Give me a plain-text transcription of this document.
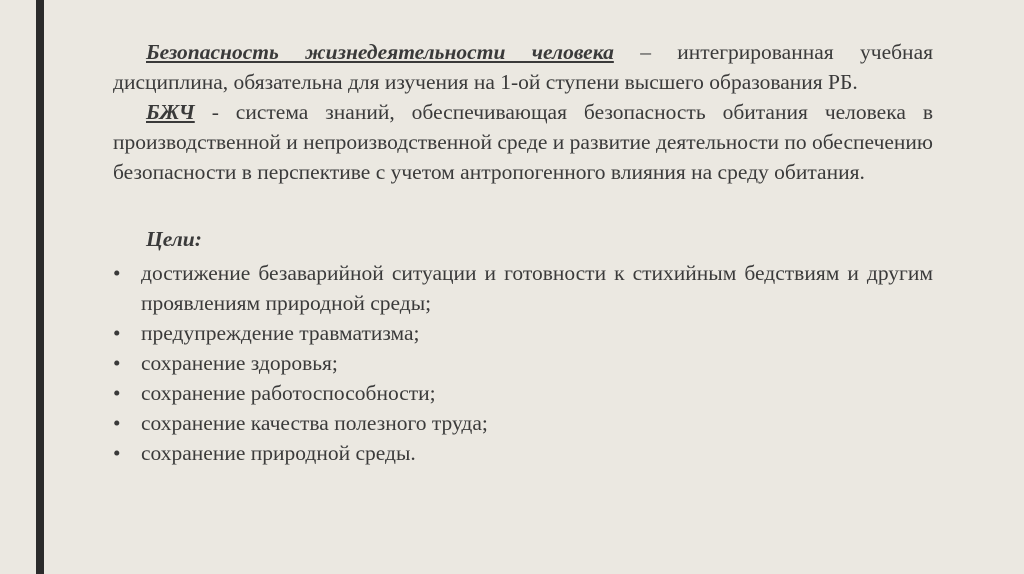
Безопасность жизнедеятельности человека – интегрированная учебная дисциплина, обязательна для изучения на 1-ой ступени высшего образования РБ.

БЖЧ - система знаний, обеспечивающая безопасность обитания человека в производственной и непроизводственной среде и развитие деятельности по обеспечению безопасности в перспективе с учетом антропогенного влияния на среду обитания.

Цели:
• достижение безаварийной ситуации и готовности к стихийным бедствиям и другим проявлениям природной среды;
• предупреждение травматизма;
• сохранение здоровья;
• сохранение работоспособности;
• сохранение качества полезного труда;
• сохранение природной среды.
